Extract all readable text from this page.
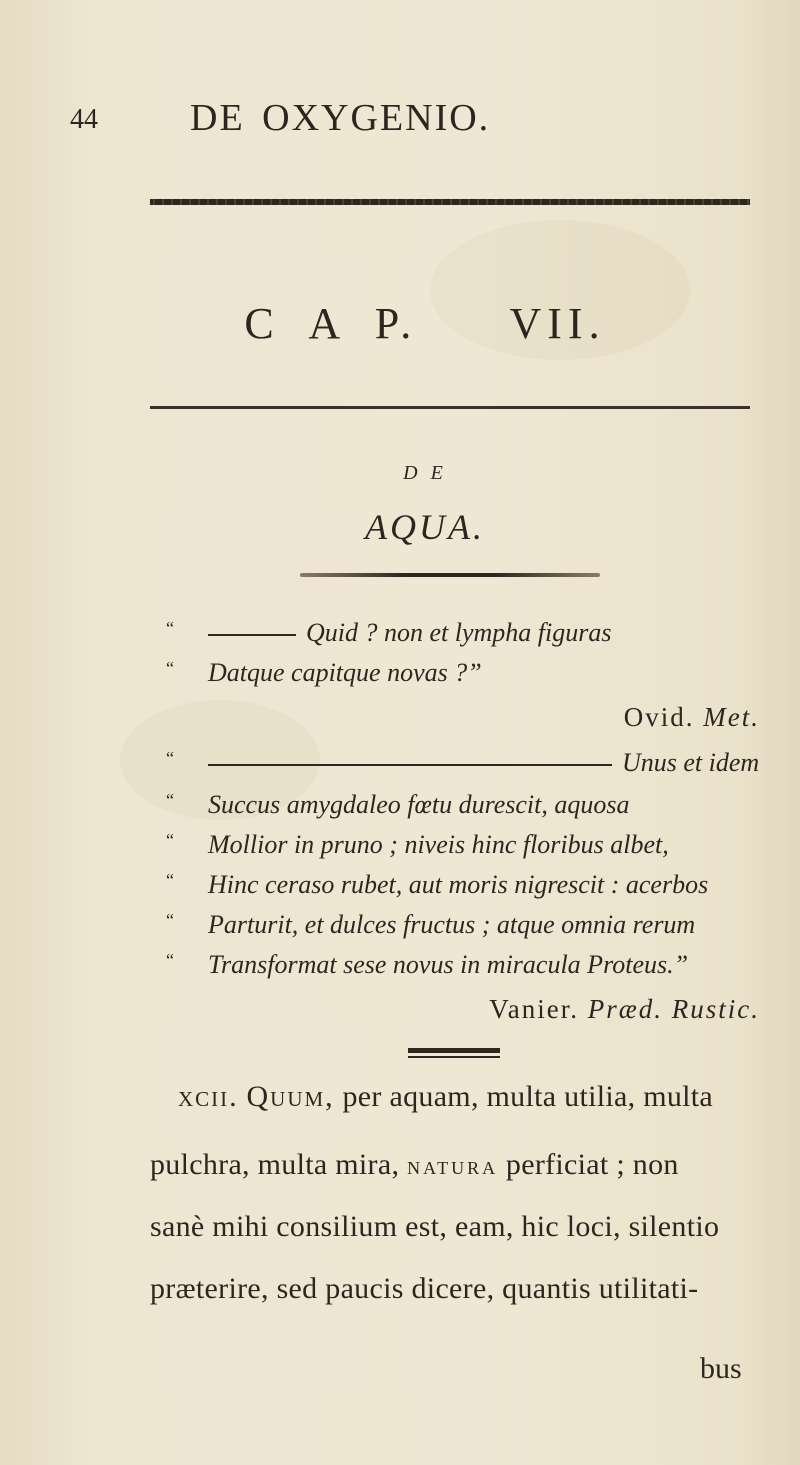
44 DE OXYGENIO.
C A P.   VII.
D E
AQUA.
“	Quid ? non et lympha figuras
“ Datque capitque novas ?”
Ovid. Met.
“	Unus et idem
“ Succus amygdaleo fœtu durescit, aquosa
“ Mollior in pruno ; niveis hinc floribus albet,
“ Hinc ceraso rubet, aut moris nigrescit : acerbos
“ Parturit, et dulces fructus ; atque omnia rerum
“ Transformat sese novus in miracula Proteus.”
Vanier. Præd. Rustic.
xcii. Quum, per aquam, multa utilia, multa
pulchra, multa mira, natura perficiat ; non
sanè mihi consilium est, eam, hic loci, silentio
præterire, sed paucis dicere, quantis utilitati-
bus
